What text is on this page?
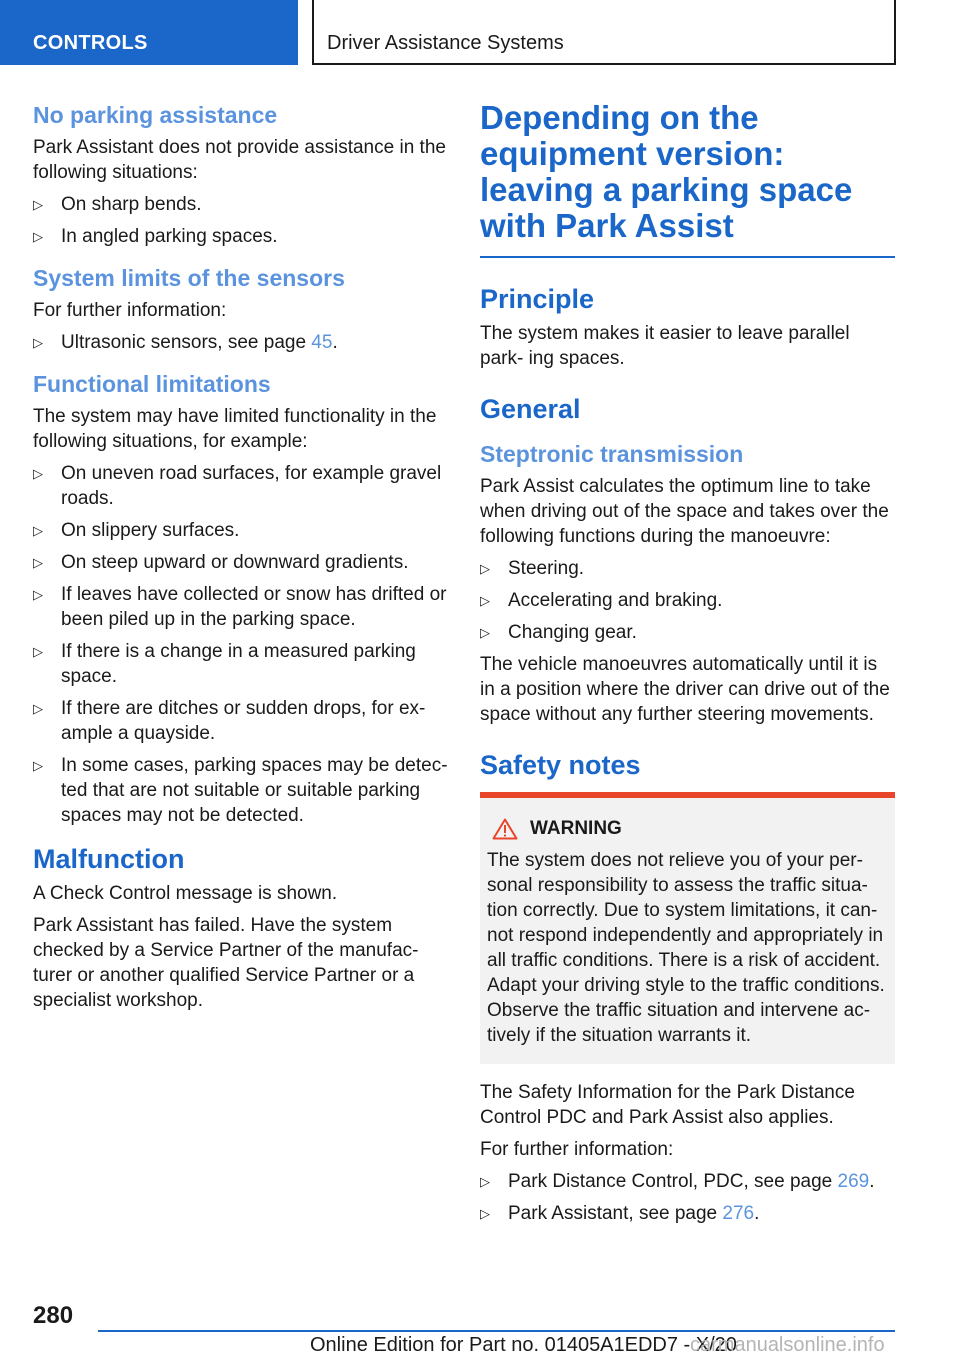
CONTROLS	Driver Assistance Systems
No parking assistance

Park Assistant does not provide assistance in the following situations:

▷ On sharp bends.
▷ In angled parking spaces.
System limits of the sensors

For further information:

▷ Ultrasonic sensors, see page 45.
Functional limitations

The system may have limited functionality in the following situations, for example:

▷ On uneven road surfaces, for example gravel roads.
▷ On slippery surfaces.
▷ On steep upward or downward gradients.
▷ If leaves have collected or snow has drifted or been piled up in the parking space.
▷ If there is a change in a measured parking space.
▷ If there are ditches or sudden drops, for ex‐ ample a quayside.
▷ In some cases, parking spaces may be detec‐ ted that are not suitable or suitable parking spaces may not be detected.
Malfunction

A Check Control message is shown.

Park Assistant has failed. Have the system checked by a Service Partner of the manufac‐ turer or another qualified Service Partner or a specialist workshop.

Depending on the equipment version: leaving a parking space with Park Assist
Principle

The system makes it easier to leave parallel park‐ ing spaces.

General
Steptronic transmission

Park Assist calculates the optimum line to take when driving out of the space and takes over the following functions during the manoeuvre:

▷ Steering.
▷ Accelerating and braking.
▷ Changing gear.

The vehicle manoeuvres automatically until it is in a position where the driver can drive out of the space without any further steering movements.

Safety notes
WARNING

The system does not relieve you of your per‐ sonal responsibility to assess the traffic situa‐ tion correctly. Due to system limitations, it can‐ not respond independently and appropriately in all traffic conditions. There is a risk of accident. Adapt your driving style to the traffic conditions. Observe the traffic situation and intervene ac‐ tively if the situation warrants it.

The Safety Information for the Park Distance Control PDC and Park Assist also applies.

For further information:

▷ Park Distance Control, PDC, see page 269.
▷ Park Assistant, see page 276.
280
Online Edition for Part no. 01405A1EDD7 - X/20
carmanualsonline.info
